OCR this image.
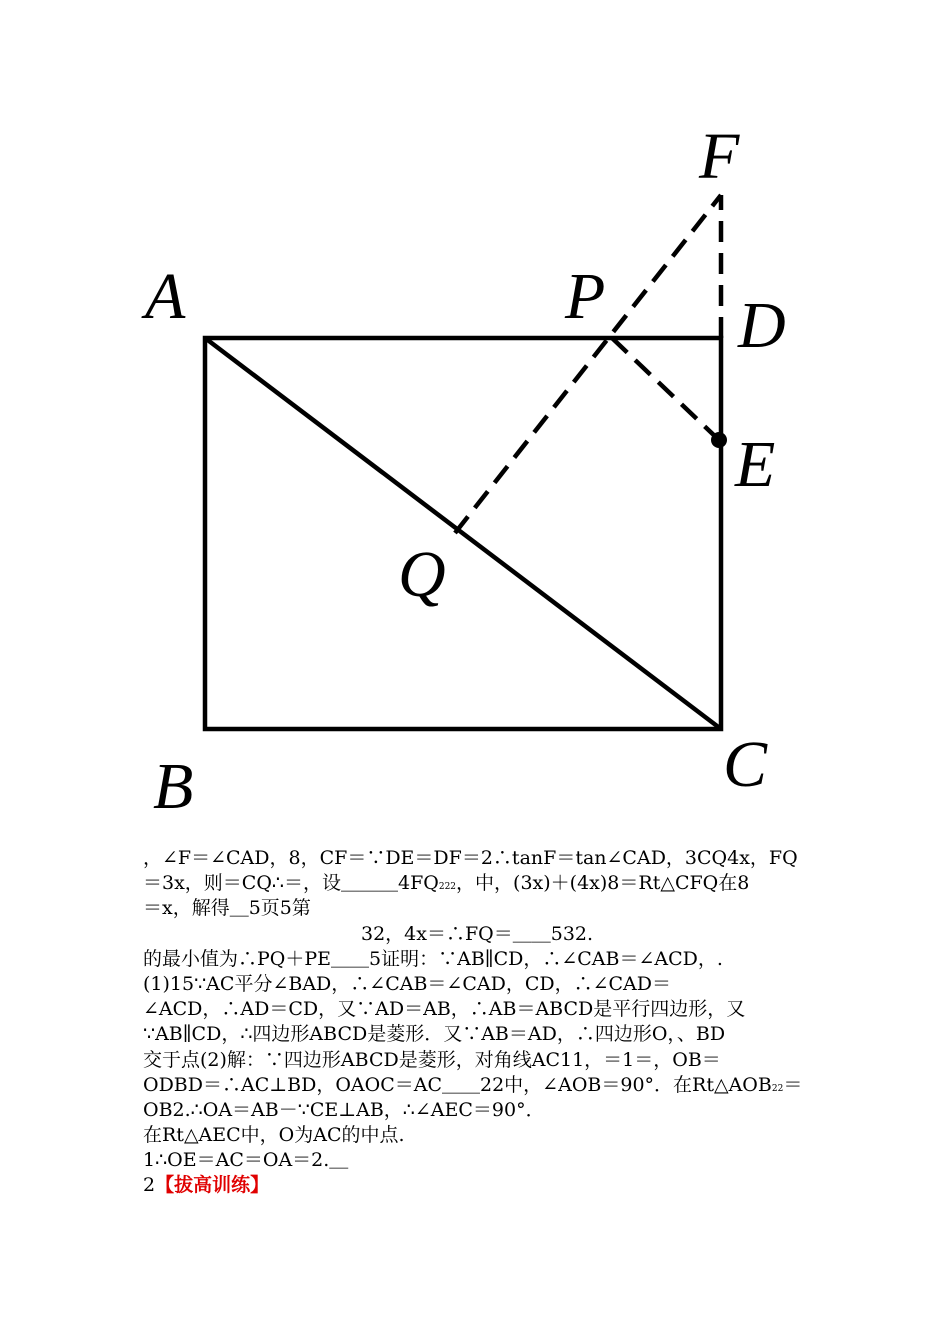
A
B	C
D
E
F
P
Q
，∠F＝∠CAD，8，CF＝∵DE＝DF＝2∴tanF＝tan∠CAD，3CQ4x，FQ
＝3x，则＝CQ∴＝，设＿＿＿4FQ222，中，(3x)＋(4x)8＝Rt△CFQ在8
＝x，解得＿5页5第
32，4x＝∴FQ＝＿＿532.
的最小值为∴PQ＋PE＿＿5证明：∵AB∥CD，∴∠CAB＝∠ACD，.
(1)15∵AC平分∠BAD，∴∠CAB＝∠CAD，CD，∴∠CAD＝
∠ACD，∴AD＝CD，又∵AD＝AB，∴AB＝ABCD是平行四边形，又
∵AB∥CD，∴四边形ABCD是菱形．又∵AB＝AD，∴四边形O，、BD
交于点(2)解：∵四边形ABCD是菱形，对角线AC11，＝1＝，OB＝
ODBD＝∴AC⊥BD，OAOC＝AC＿＿22中，∠AOB＝90°．在Rt△AOB22＝
OB2.∴OA＝AB－∵CE⊥AB，∴∠AEC＝90°．
在Rt△AEC中，O为AC的中点.
1∴OE＝AC＝OA＝2.＿
2【拔高训练】
